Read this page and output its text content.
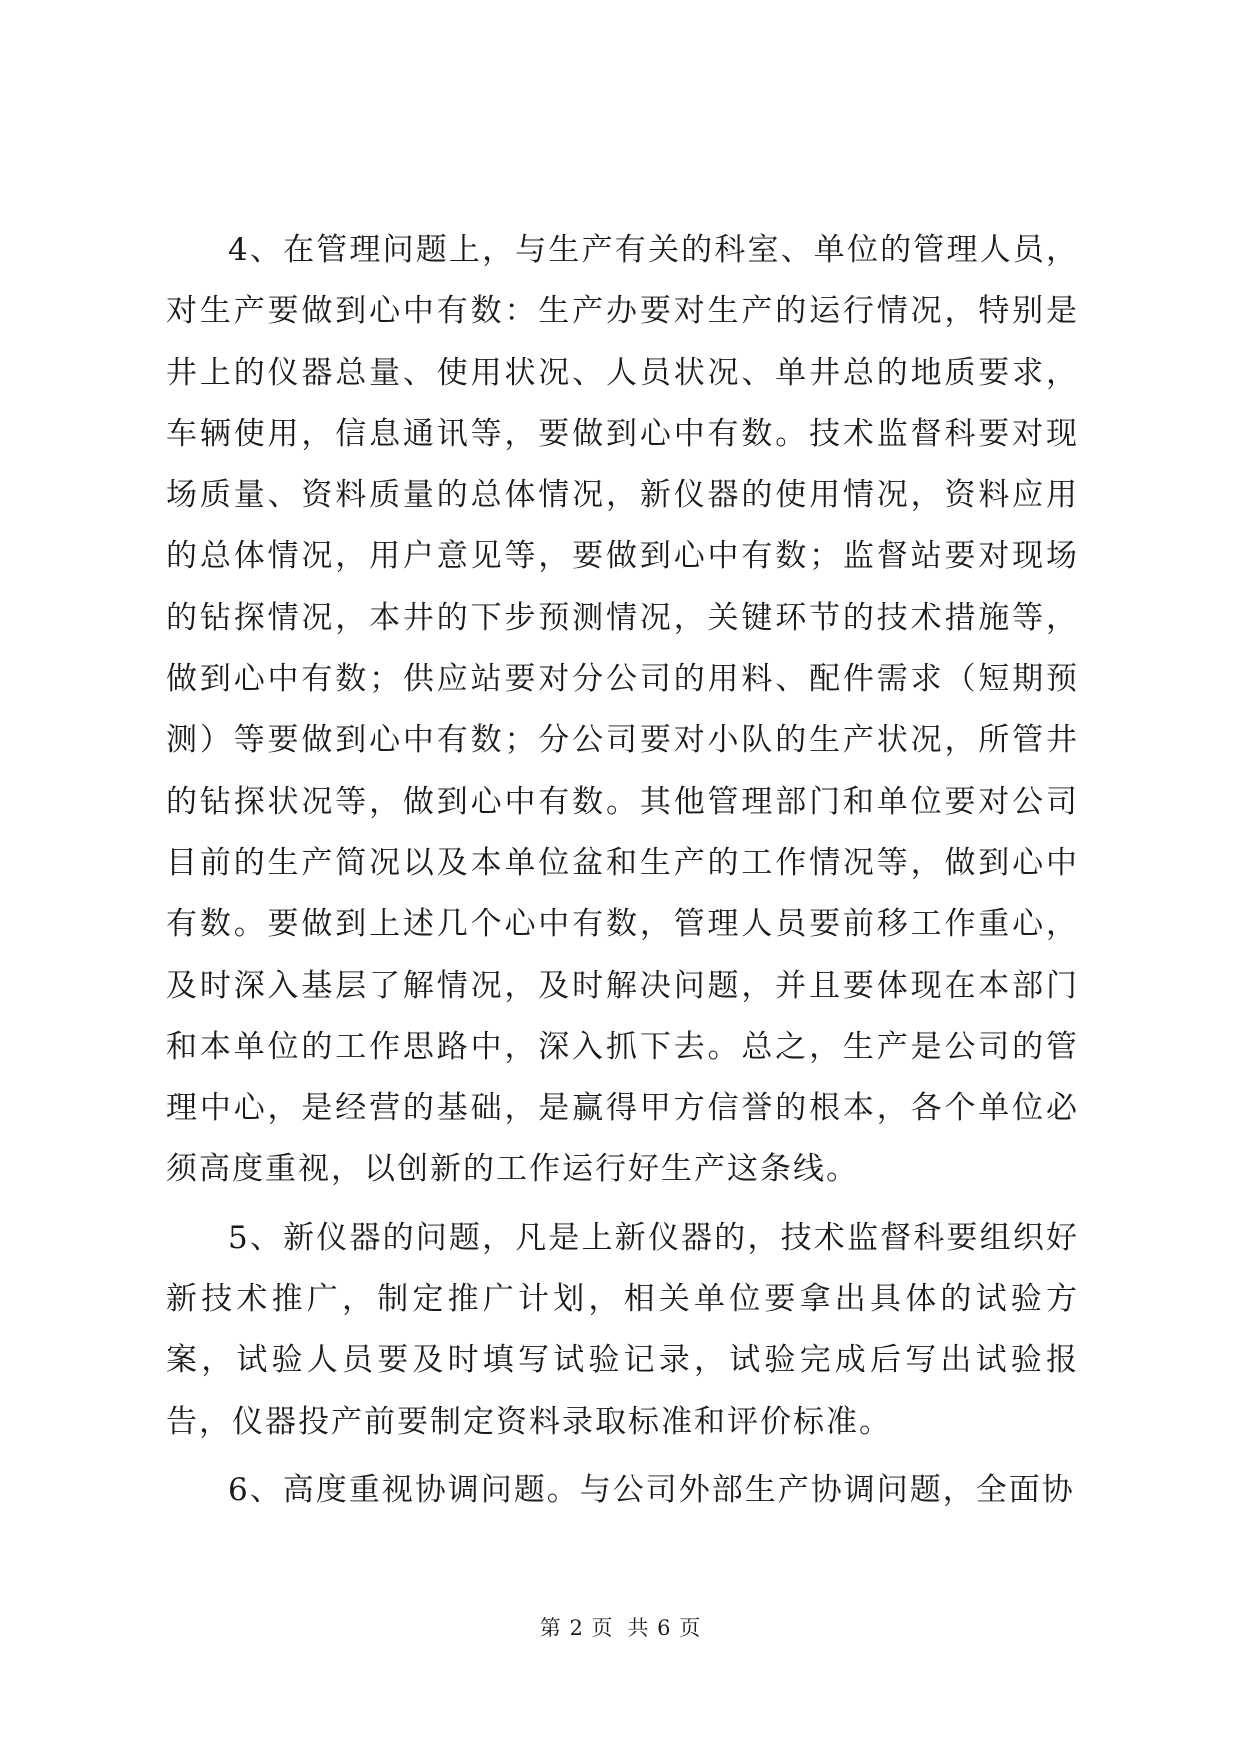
4、在管理问题上，与生产有关的科室、单位的管理人员，对生产要做到心中有数：生产办要对生产的运行情况，特别是井上的仪器总量、使用状况、人员状况、单井总的地质要求，车辆使用，信息通讯等，要做到心中有数。技术监督科要对现场质量、资料质量的总体情况，新仪器的使用情况，资料应用的总体情况，用户意见等，要做到心中有数；监督站要对现场的钻探情况，本井的下步预测情况，关键环节的技术措施等，做到心中有数；供应站要对分公司的用料、配件需求（短期预测）等要做到心中有数；分公司要对小队的生产状况，所管井的钻探状况等，做到心中有数。其他管理部门和单位要对公司目前的生产简况以及本单位盆和生产的工作情况等，做到心中有数。要做到上述几个心中有数，管理人员要前移工作重心，及时深入基层了解情况，及时解决问题，并且要体现在本部门和本单位的工作思路中，深入抓下去。总之，生产是公司的管理中心，是经营的基础，是赢得甲方信誉的根本，各个单位必须高度重视，以创新的工作运行好生产这条线。

5、新仪器的问题，凡是上新仪器的，技术监督科要组织好新技术推广，制定推广计划，相关单位要拿出具体的试验方案，试验人员要及时填写试验记录，试验完成后写出试验报告，仪器投产前要制定资料录取标准和评价标准。

6、高度重视协调问题。与公司外部生产协调问题，全面协

第 2 页 共 6 页
